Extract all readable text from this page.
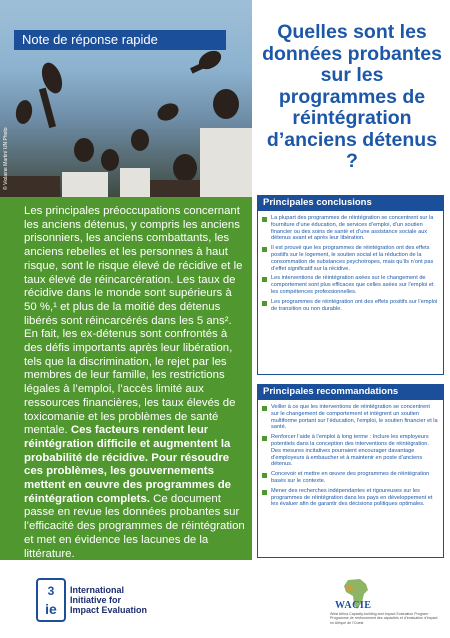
Note de réponse rapide
© Violaine Martin/ UN Photo
Quelles sont les données probantes sur les programmes de réintégration d’anciens détenus ?

Les principales préoccupations concernant les anciens détenus, y compris les anciens prisonniers, les anciens combattants, les anciens rebelles et les personnes à haut risque, sont le risque élevé de récidive et le taux élevé de réincarcération. Les taux de récidive dans le monde sont supérieurs à 50 %,¹ et plus de la moitié des détenus libérés sont réincarcérés dans les 5 ans². En fait, les ex-détenus sont confrontés à des défis importants après leur libération, tels que la discrimination, le rejet par les membres de leur famille, les restrictions légales à l’emploi, l’accès limité aux ressources financières, les taux élevés de toxicomanie et les problèmes de santé mentale. Ces facteurs rendent leur réintégration difficile et augmentent la probabilité de récidive. Pour résoudre ces problèmes, les gouvernements mettent en œuvre des programmes de réintégration complets. Ce document passe en revue les données probantes sur l’efficacité des programmes de réintégration et met en évidence les lacunes de la littérature.

Principales conclusions
La plupart des programmes de réintégration se concentrent sur la fourniture d’une éducation, de services d’emploi, d’un soutien financier ou des soins de santé et d’une assistance sociale aux détenus avant et après leur libération.
Il est prouvé que les programmes de réintégration ont des effets positifs sur le logement, le soutien social et la réduction de la consommation de substances psychotropes, mais qu’ils n’ont pas d’effet significatif sur la récidive.
Les interventions de réintégration axées sur le changement de comportement sont plus efficaces que celles axées sur l’emploi et les compétences professionnelles.
Les programmes de réintégration ont des effets positifs sur l’emploi de transition ou non durable.
Principales recommandations
Veiller à ce que les interventions de réintégration se concentrent sur le changement de comportement et intègrent un soutien multiforme portant sur l’éducation, l’emploi, le soutien financier et la santé.
Renforcer l’aide à l’emploi à long terme : Inclure les employeurs potentiels dans la conception des interventions de réintégration. Des mesures incitatives pourraient encourager davantage d’employeurs à embaucher et à maintenir en poste d’anciens détenus.
Concevoir et mettre en œuvre des programmes de réintégration basés sur le contexte.
Mener des recherches indépendantes et rigoureuses sur les programmes de réintégration dans les pays en développement et les évaluer afin de garantir des décisions politiques optimales.
3
ie
International
Initiative for
Impact Evaluation	WACIE
West Africa Capacity-building and Impact Evaluation Program · Programme de renforcement des capacités et d’évaluation d’impact en Afrique de l’Ouest
